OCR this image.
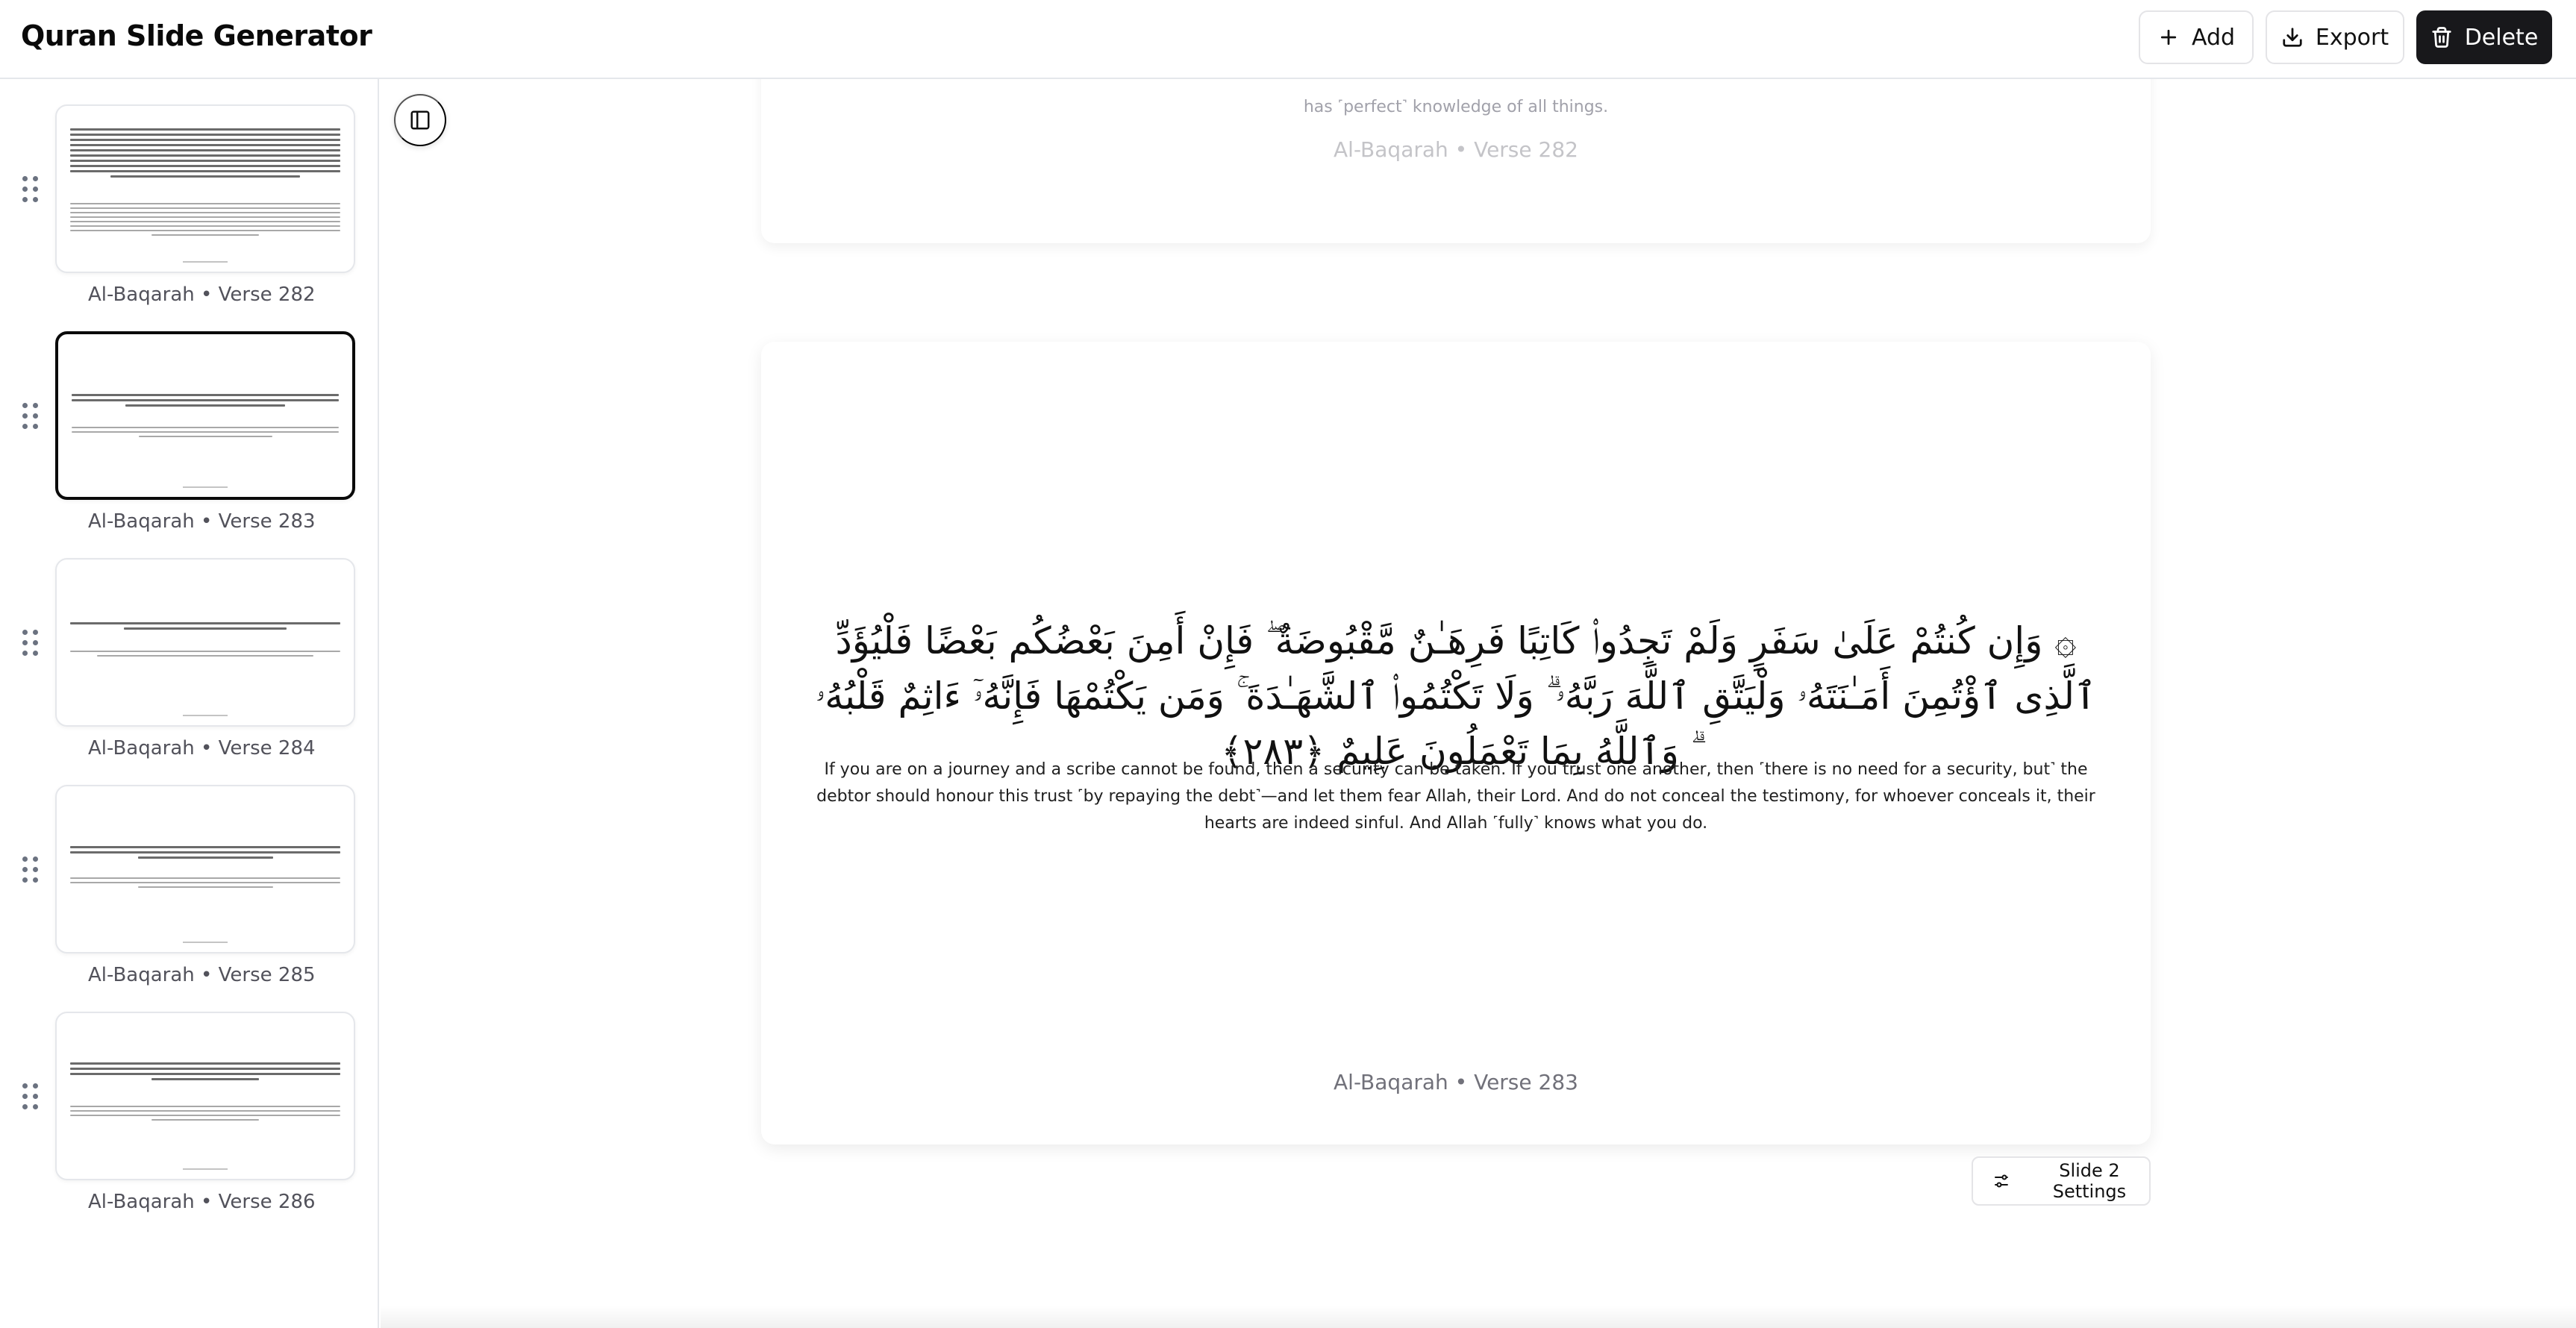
Quran Slide Generator	Add	Export	Delete
Al-Baqarah • Verse 282
Al-Baqarah • Verse 283
Al-Baqarah • Verse 284
Al-Baqarah • Verse 285
Al-Baqarah • Verse 286
has ˹perfect˺ knowledge of all things.
Al-Baqarah • Verse 282
۞ وَإِن كُنتُمْ عَلَىٰ سَفَرٍ وَلَمْ تَجِدُوا۟ كَاتِبًا فَرِهَـٰنٌ مَّقْبُوضَةٌ ۖ فَإِنْ أَمِنَ بَعْضُكُم بَعْضًا فَلْيُؤَدِّ ٱلَّذِى ٱؤْتُمِنَ أَمَـٰنَتَهُۥ وَلْيَتَّقِ ٱللَّهَ رَبَّهُۥ ۗ وَلَا تَكْتُمُوا۟ ٱلشَّهَـٰدَةَ ۚ وَمَن يَكْتُمْهَا فَإِنَّهُۥٓ ءَاثِمٌ قَلْبُهُۥ ۗ وَٱللَّهُ بِمَا تَعْمَلُونَ عَلِيمٌ ﴿٢٨٣﴾
If you are on a journey and a scribe cannot be found, then a security can be taken. If you trust one another, then ˹there is no need for a security, but˺ the debtor should honour this trust ˹by repaying the debt˺—and let them fear Allah, their Lord. And do not conceal the testimony, for whoever conceals it, their hearts are indeed sinful. And Allah ˹fully˺ knows what you do.
Al-Baqarah • Verse 283
Slide 2 Settings
